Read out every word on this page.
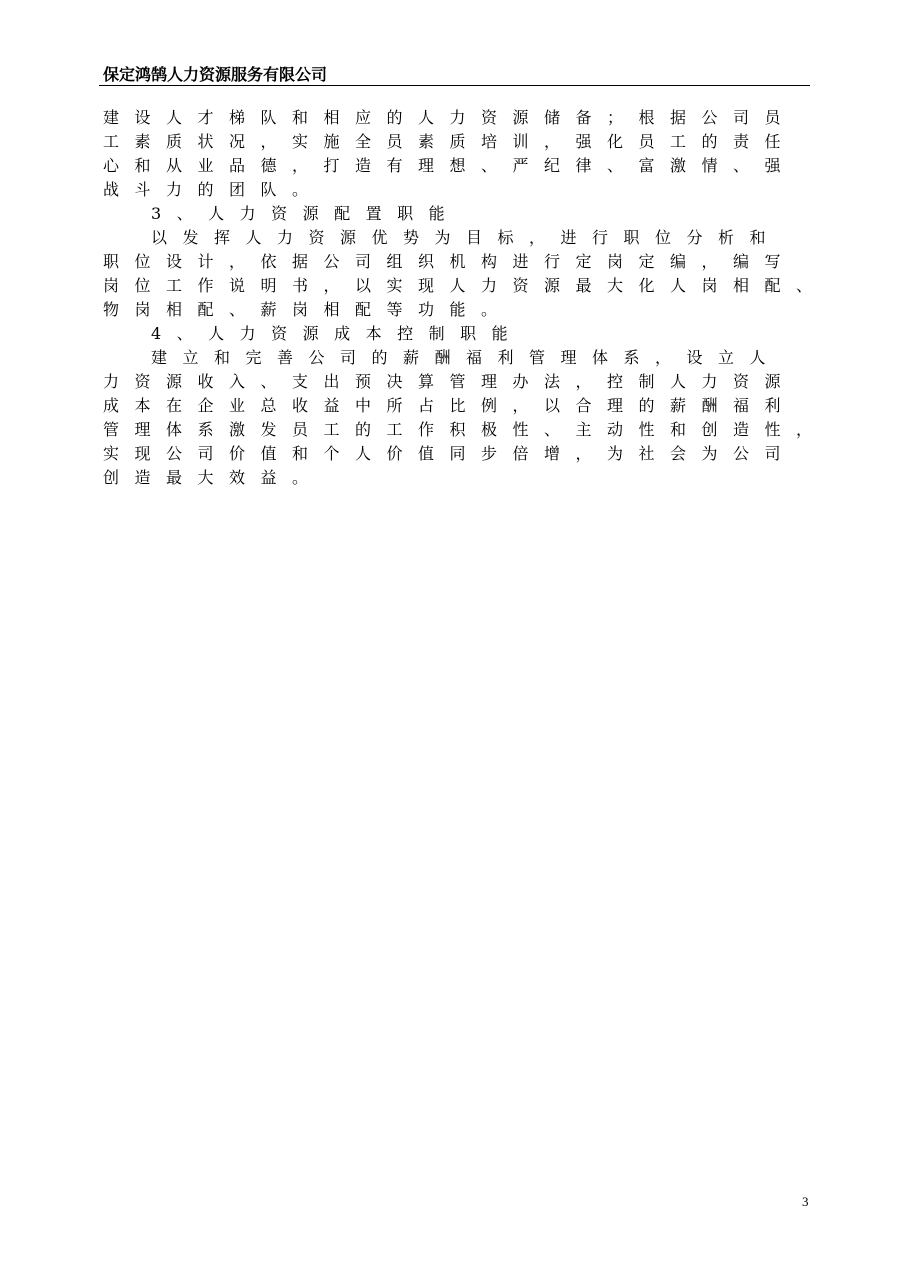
保定鸿鹄人力资源服务有限公司
建设人才梯队和相应的人力资源储备；根据公司员
工素质状况，实施全员素质培训，强化员工的责任
心和从业品德，打造有理想、严纪律、富激情、强
战斗力的团队。
3、人力资源配置职能
以发挥人力资源优势为目标，进行职位分析和
职位设计，依据公司组织机构进行定岗定编，编写
岗位工作说明书，以实现人力资源最大化人岗相配、
物岗相配、薪岗相配等功能。
4、人力资源成本控制职能
建立和完善公司的薪酬福利管理体系，设立人
力资源收入、支出预决算管理办法，控制人力资源
成本在企业总收益中所占比例，以合理的薪酬福利
管理体系激发员工的工作积极性、主动性和创造性，
实现公司价值和个人价值同步倍增，为社会为公司
创造最大效益。
3
